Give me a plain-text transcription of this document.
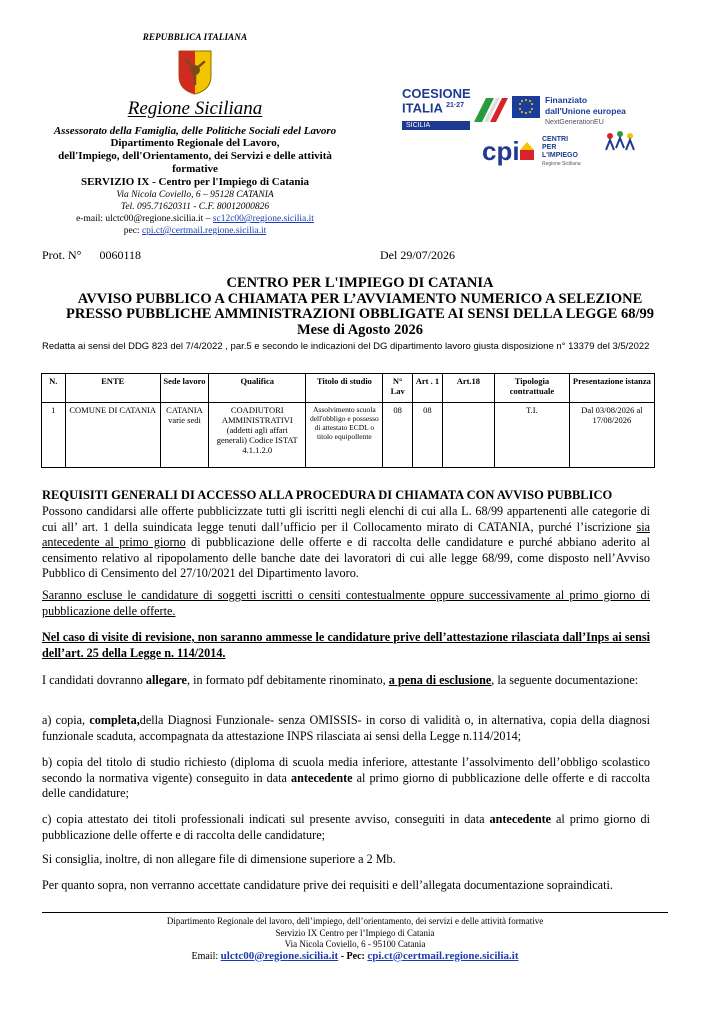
REPUBBLICA ITALIANA
Regione Siciliana
Assessorato della Famiglia, delle Politiche Sociali edel Lavoro
Dipartimento Regionale del Lavoro,
dell'Impiego, dell'Orientamento, dei Servizi e delle attività formative
SERVIZIO IX - Centro per l'Impiego di Catania
Via Nicola Coviello, 6 – 95128 CATANIA
Tel. 095.71620311 - C.F. 80012000826
e-mail: ulctc00@regione.sicilia.it – sc12c00@regione.sicilia.it
pec: cpi.ct@certmail.regione.sicilia.it
COESIONE
ITALIA $^{21\cdot 27}$
SICILIA
Finanziato
dall'Unione europea
NextGenerationEU
cpi	CENTRI
PER
L'IMPIEGO
Regione Siciliana
Prot. N° 0060118	Del 29/07/2026
CENTRO PER L'IMPIEGO DI CATANIA
AVVISO PUBBLICO A CHIAMATA PER L’AVVIAMENTO NUMERICO A SELEZIONE
PRESSO PUBBLICHE AMMINISTRAZIONI OBBLIGATE AI SENSI DELLA LEGGE 68/99
Mese di Agosto 2026
Redatta ai sensi del DDG 823 del 7/4/2022 , par.5 e secondo le indicazioni del DG dipartimento lavoro giusta disposizione n° 13379 del 3/5/2022
N.	ENTE	Sede lavoro	Qualifica	Titolo di studio	N° Lav	Art . 1	Art.18	Tipologia contrattuale	Presentazione istanza
1	COMUNE DI CATANIA	CATANIA varie sedi	COADIUTORI AMMINISTRATIVI (addetti agli affari generali) Codice ISTAT 4.1.1.2.0	Assolvimento scuola dell'obbligo e possesso di attestato ECDL o titolo equipollente	08	08		T.I.	Dal 03/08/2026 al 17/08/2026
REQUISITI GENERALI DI ACCESSO ALLA PROCEDURA DI CHIAMATA CON AVVISO PUBBLICO
Possono candidarsi alle offerte pubblicizzate tutti gli iscritti negli elenchi di cui alla L. 68/99 appartenenti alle categorie di cui all’ art. 1 della suindicata legge tenuti dall’ufficio per il Collocamento mirato di CATANIA, purché l’iscrizione sia antecedente al primo giorno di pubblicazione delle offerte e di raccolta delle candidature e purché abbiano aderito al censimento relativo al ripopolamento delle banche date dei lavoratori di cui alle legge 68/99, come disposto nell’Avviso Pubblico di Censimento del 27/10/2021 del Dipartimento lavoro.
Saranno escluse le candidature di soggetti iscritti o censiti contestualmente oppure successivamente al primo giorno di pubblicazione delle offerte.
Nel caso di visite di revisione, non saranno ammesse le candidature prive dell’attestazione rilasciata dall’Inps ai sensi dell’art. 25 della Legge n. 114/2014.
I candidati dovranno allegare, in formato pdf debitamente rinominato, a pena di esclusione, la seguente documentazione:
a) copia, completa,della Diagnosi Funzionale- senza OMISSIS- in corso di validità o, in alternativa, copia della diagnosi funzionale scaduta, accompagnata da attestazione INPS rilasciata ai sensi della Legge n.114/2014;
b) copia del titolo di studio richiesto (diploma di scuola media inferiore, attestante l’assolvimento dell’obbligo scolastico secondo la normativa vigente) conseguito in data antecedente al primo giorno di pubblicazione delle offerte e di raccolta delle candidature;
c) copia attestato dei titoli professionali indicati sul presente avviso, conseguiti in data antecedente al primo giorno di pubblicazione delle offerte e di raccolta delle candidature;
Si consiglia, inoltre, di non allegare file di dimensione superiore a 2 Mb.
Per quanto sopra, non verranno accettate candidature prive dei requisiti e dell’allegata documentazione sopraindicati.
Dipartimento Regionale del lavoro, dell’impiego, dell’orientamento, dei servizi e delle attività formative
Servizio IX Centro per l’Impiego di Catania
Via Nicola Coviello, 6 - 95100 Catania
Email: ulctc00@regione.sicilia.it - Pec: cpi.ct@certmail.regione.sicilia.it
